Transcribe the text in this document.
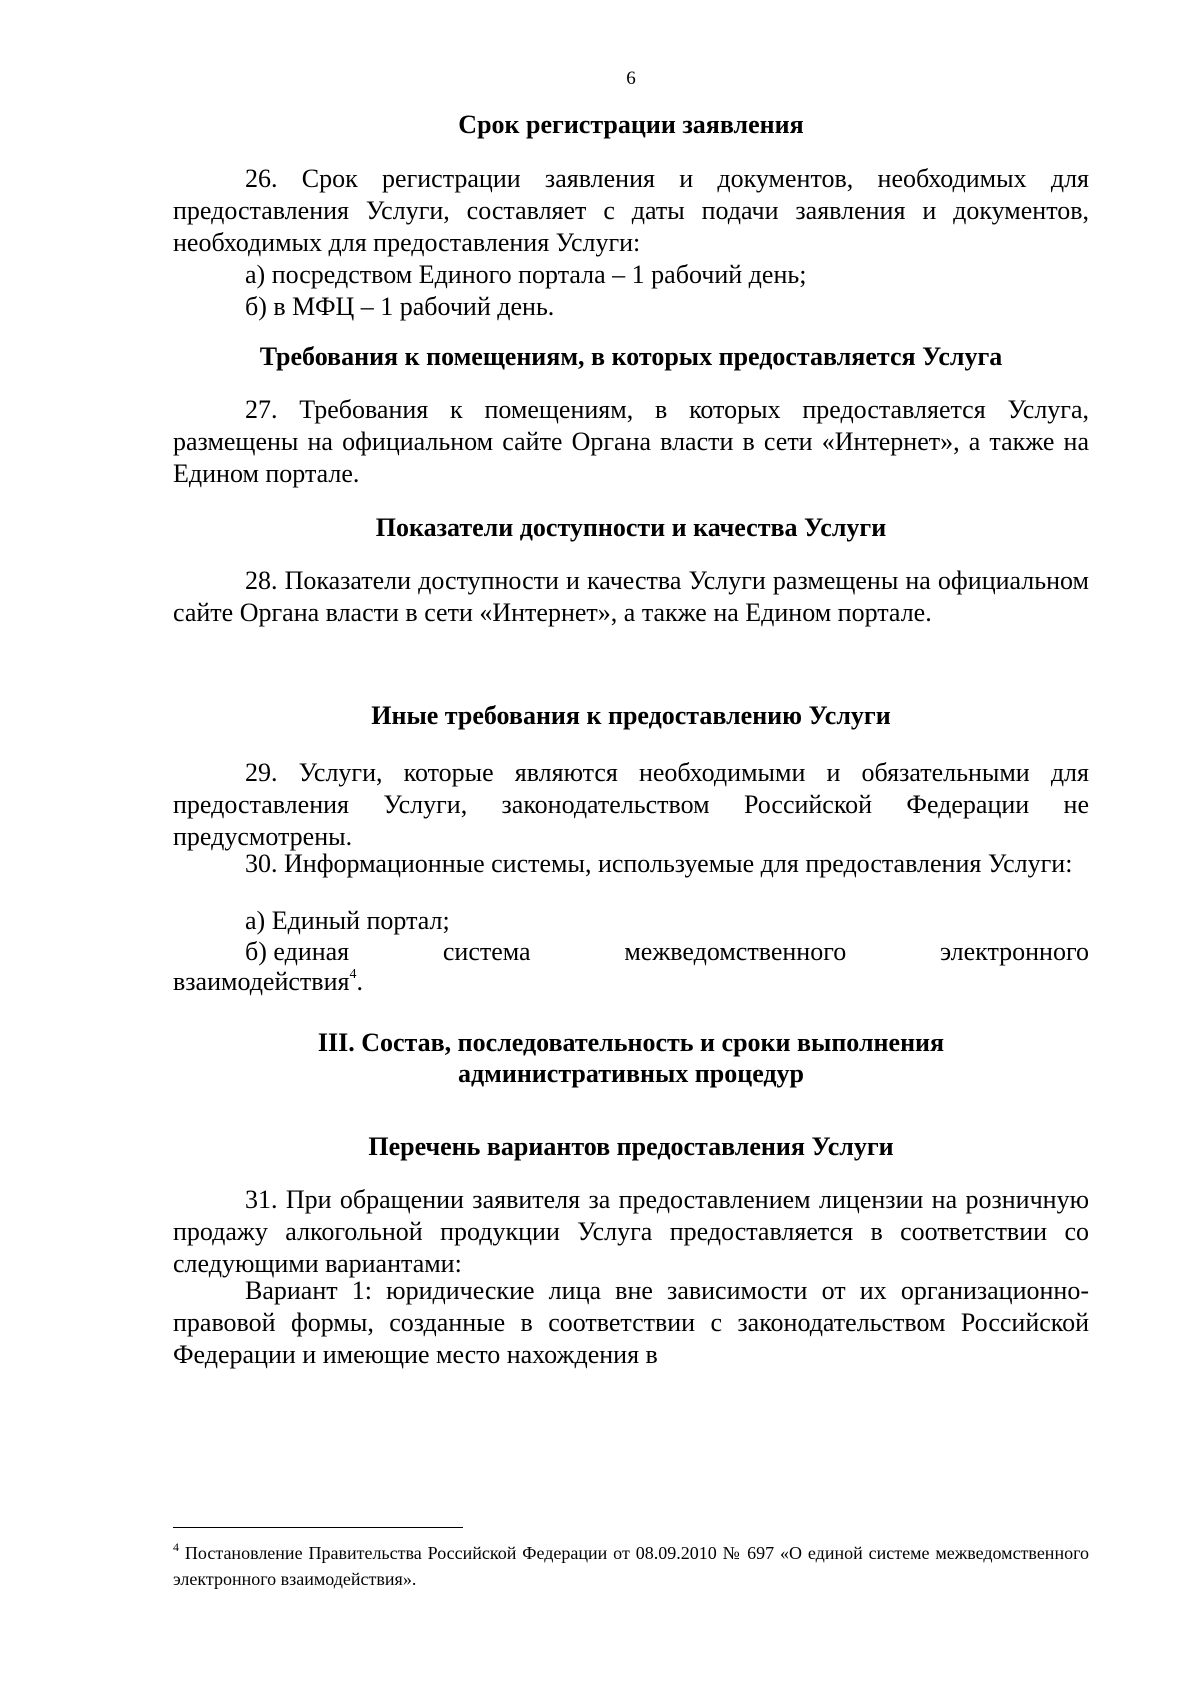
6
Срок регистрации заявления
26. Срок регистрации заявления и документов, необходимых для предоставления Услуги, составляет с даты подачи заявления и документов, необходимых для предоставления Услуги:
а) посредством Единого портала – 1 рабочий день;
б) в МФЦ – 1 рабочий день.
Требования к помещениям, в которых предоставляется Услуга
27. Требования к помещениям, в которых предоставляется Услуга, размещены на официальном сайте Органа власти в сети «Интернет», а также на Едином портале.
Показатели доступности и качества Услуги
28. Показатели доступности и качества Услуги размещены на официальном сайте Органа власти в сети «Интернет», а также на Едином портале.
Иные требования к предоставлению Услуги
29. Услуги, которые являются необходимыми и обязательными для предоставления Услуги, законодательством Российской Федерации не предусмотрены.
30. Информационные системы, используемые для предоставления Услуги:
а) Единый портал;
б) единая	система	межведомственного	электронного
взаимодействия$^4$.
III. Состав, последовательность и сроки выполнения
административных процедур
Перечень вариантов предоставления Услуги
31. При обращении заявителя за предоставлением лицензии на розничную продажу алкогольной продукции Услуга предоставляется в соответствии со следующими вариантами:
Вариант 1: юридические лица вне зависимости от их организационно-правовой формы, созданные в соответствии с законодательством Российской Федерации и имеющие место нахождения в
$^4$ Постановление Правительства Российской Федерации от 08.09.2010 № 697 «О единой системе межведомственного электронного взаимодействия».
